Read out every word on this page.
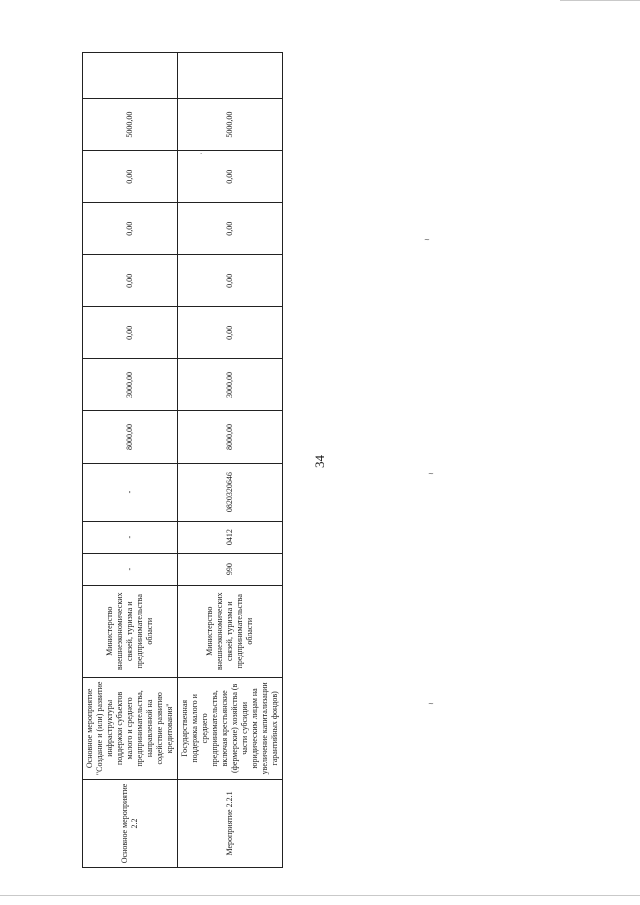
34
Основное мероприятие 2.2	Основное мероприятие "Создание и (или) развитие инфраструктуры поддержки субъектов малого и среднего предпринимательства, направленной на содействие развитию кредитования"	Министерство внешнеэкономических связей, туризма и предпринимательства области	-	-	-	8000,00	3000,00	0,00	0,00	0,00	0,00	5000,00	
Мероприятие 2.2.1	Государственная поддержка малого и среднего предпринимательства, включая крестьянские (фермерские) хозяйства (в части субсидии юридическим лицам на увеличение капитализации гарантийных фондов)	Министерство внешнеэкономических связей, туризма и предпринимательства области	990	0412	0820320646	8000,00	3000,00	0,00	0,00	0,00	0,00	5000,00	
~
~
~
.
